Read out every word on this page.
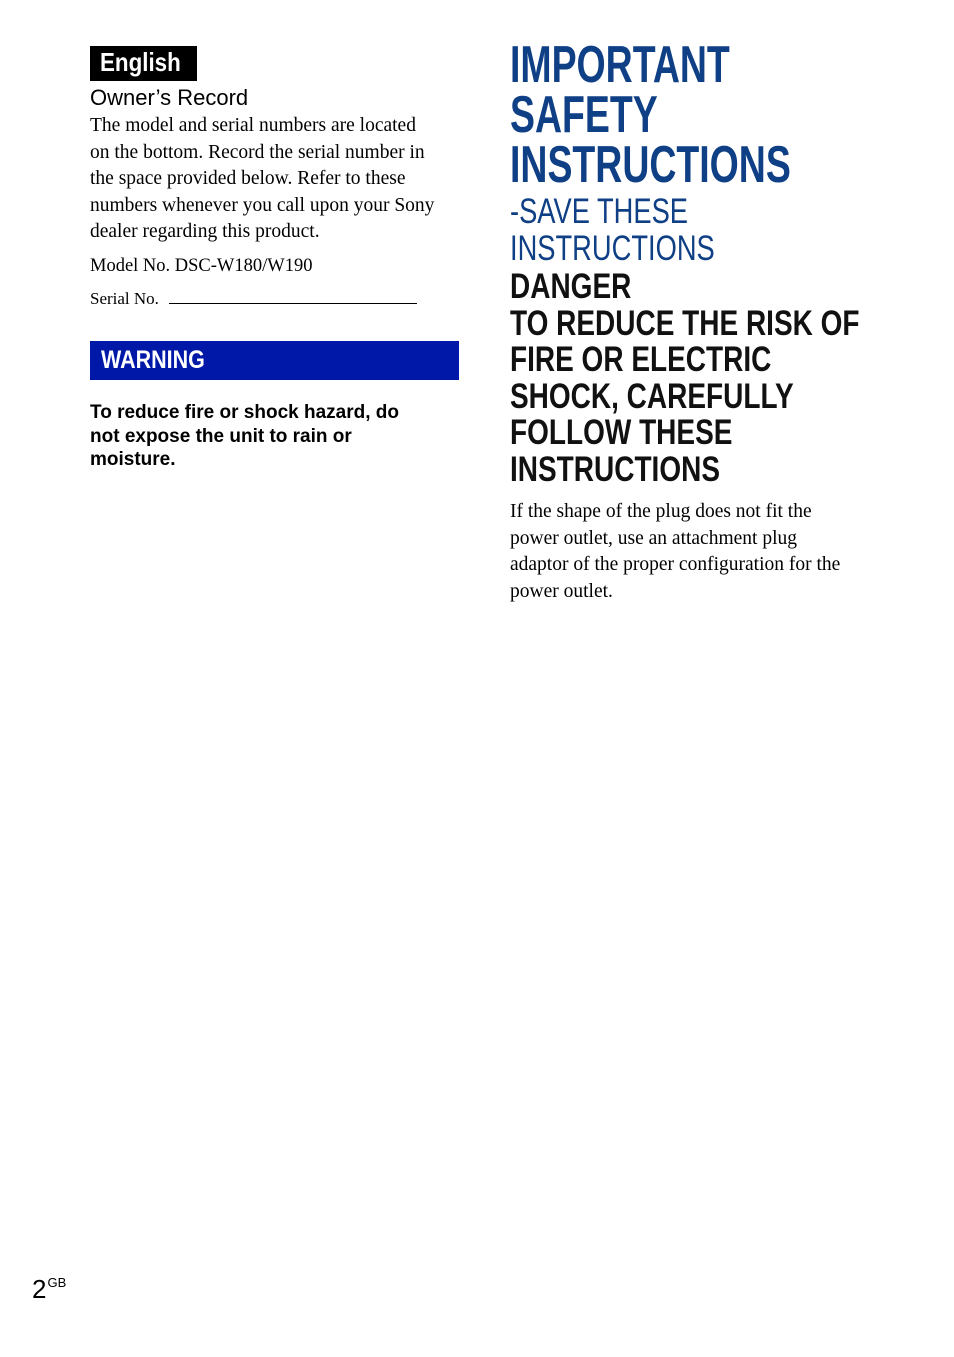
English
Owner’s Record
The model and serial numbers are located
on the bottom. Record the serial number in
the space provided below. Refer to these
numbers whenever you call upon your Sony
dealer regarding this product.
Model No. DSC-W180/W190
Serial No.
WARNING
To reduce fire or shock hazard, do
not expose the unit to rain or
moisture.
IMPORTANT
SAFETY
INSTRUCTIONS
-SAVE THESE
INSTRUCTIONS
DANGER
TO REDUCE THE RISK OF
FIRE OR ELECTRIC
SHOCK, CAREFULLY
FOLLOW THESE
INSTRUCTIONS
If the shape of the plug does not fit the
power outlet, use an attachment plug
adaptor of the proper configuration for the
power outlet.
$2^{GB}$
